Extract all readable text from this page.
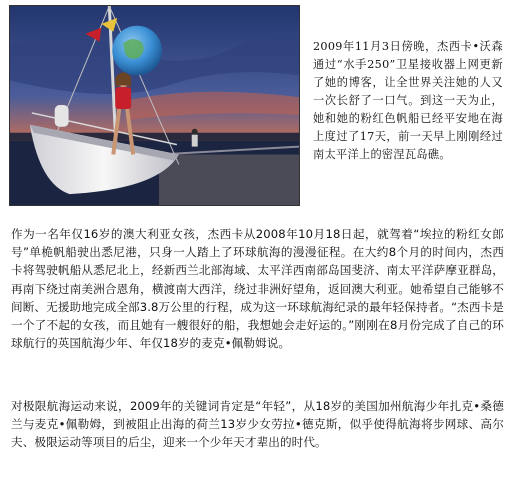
2009年11月3日傍晚，杰西卡•沃森通过“水手250”卫星接收器上网更新了她的博客，让全世界关注她的人又一次长舒了一口气。到这一天为止，她和她的粉红色帆船已经平安地在海上度过了17天，前一天早上刚刚经过南太平洋上的密涅瓦岛礁。

作为一名年仅16岁的澳大利亚女孩，杰西卡从2008年10月18日起，就驾着“埃拉的粉红女郎号”单桅帆船驶出悉尼港，只身一人踏上了环球航海的漫漫征程。在大约8个月的时间内，杰西卡将驾驶帆船从悉尼北上，经新西兰北部海域、太平洋西南部岛国斐济、南太平洋萨摩亚群岛，再南下绕过南美洲合恩角，横渡南大西洋，绕过非洲好望角，返回澳大利亚。她希望自己能够不间断、无援助地完成全部3.8万公里的行程，成为这一环球航海纪录的最年轻保持者。“杰西卡是一个了不起的女孩，而且她有一艘很好的船，我想她会走好运的。”刚刚在8月份完成了自己的环球航行的英国航海少年、年仅18岁的麦克•佩勒姆说。

对极限航海运动来说，2009年的关键词肯定是“年轻”，从18岁的美国加州航海少年扎克•桑德兰与麦克•佩勒姆，到被阻止出海的荷兰13岁少女劳拉•德克斯，似乎使得航海将步网球、高尔夫、极限运动等项目的后尘，迎来一个少年天才辈出的时代。
